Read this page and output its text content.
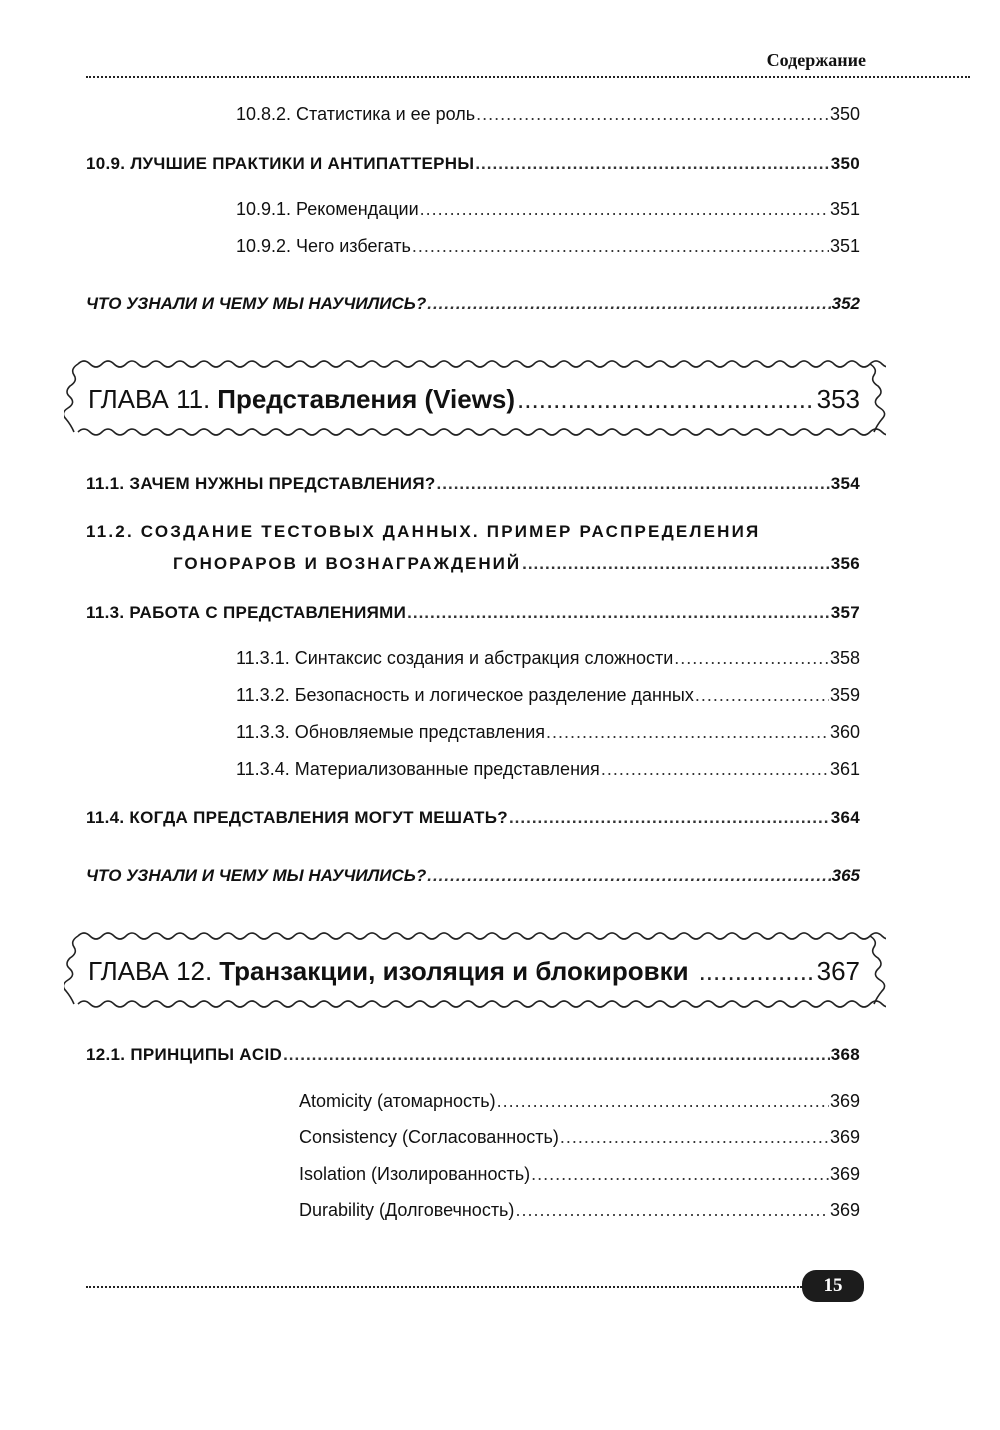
Содержание
10.8.2. Статистика и ее роль .....	350
10.9. ЛУЧШИЕ ПРАКТИКИ И АНТИПАТТЕРНЫ .....	350
10.9.1. Рекомендации .....	351
10.9.2. Чего избегать .....	351
ЧТО УЗНАЛИ И ЧЕМУ МЫ НАУЧИЛИСЬ? .....	352
ГЛАВА 11. Представления (Views) .....	353
11.1. ЗАЧЕМ НУЖНЫ ПРЕДСТАВЛЕНИЯ? .....	354
11.2. СОЗДАНИЕ ТЕСТОВЫХ ДАННЫХ. ПРИМЕР РАСПРЕДЕЛЕНИЯ
ГОНОРАРОВ И ВОЗНАГРАЖДЕНИЙ .....	356
11.3. РАБОТА С ПРЕДСТАВЛЕНИЯМИ .....	357
11.3.1. Синтаксис создания и абстракция сложности .....	358
11.3.2. Безопасность и логическое разделение данных .....	359
11.3.3. Обновляемые представления .....	360
11.3.4. Материализованные представления .....	361
11.4. КОГДА ПРЕДСТАВЛЕНИЯ МОГУТ МЕШАТЬ? .....	364
ЧТО УЗНАЛИ И ЧЕМУ МЫ НАУЧИЛИСЬ? .....	365
ГЛАВА 12. Транзакции, изоляция и блокировки .....	367
12.1. ПРИНЦИПЫ ACID .....	368
Atomicity (атомарность) .....	369
Consistency (Согласованность) .....	369
Isolation (Изолированность) .....	369
Durability (Долговечность) .....	369
15
